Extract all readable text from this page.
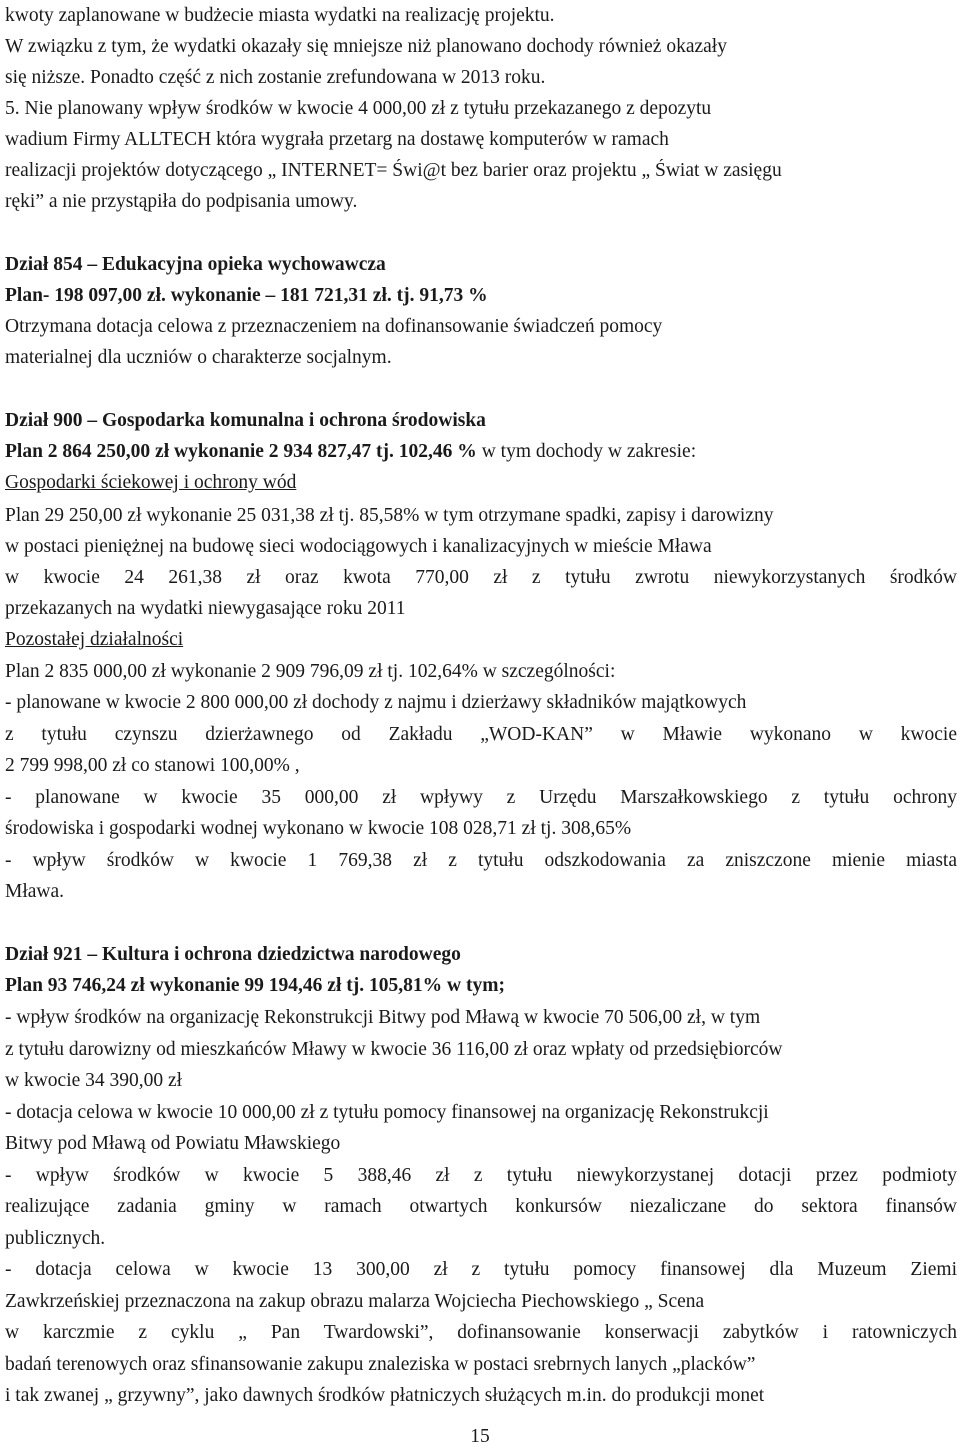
kwoty zaplanowane w budżecie miasta wydatki na realizację projektu.
W związku z tym, że wydatki okazały się mniejsze niż planowano dochody również okazały
się niższe. Ponadto część z nich zostanie zrefundowana w 2013 roku.
5. Nie planowany wpływ środków w kwocie 4 000,00 zł z tytułu przekazanego z depozytu
wadium Firmy ALLTECH która wygrała przetarg na dostawę komputerów w ramach
realizacji projektów dotyczącego „ INTERNET= Świ@t bez barier oraz projektu „ Świat w zasięgu
ręki” a nie przystąpiła do podpisania umowy.
Dział 854 – Edukacyjna opieka wychowawcza
Plan- 198 097,00 zł. wykonanie – 181 721,31 zł. tj. 91,73 %
Otrzymana dotacja celowa z przeznaczeniem na dofinansowanie świadczeń pomocy
materialnej dla uczniów o charakterze socjalnym.
Dział 900 – Gospodarka komunalna i ochrona środowiska
Gospodarki ściekowej i ochrony wód
Plan 29 250,00 zł wykonanie 25 031,38 zł tj. 85,58% w tym otrzymane spadki, zapisy i darowizny
w postaci pieniężnej na budowę sieci wodociągowych i kanalizacyjnych w mieście Mława
w kwocie 24 261,38 zł oraz kwota 770,00 zł z tytułu zwrotu niewykorzystanych środków
przekazanych na wydatki niewygasające roku 2011
Pozostałej działalności
Plan 2 835 000,00 zł wykonanie 2 909 796,09 zł tj. 102,64% w szczególności:
- planowane w kwocie 2 800 000,00 zł dochody z najmu i dzierżawy składników majątkowych
z tytułu czynszu dzierżawnego od Zakładu „WOD-KAN” w Mławie wykonano w kwocie
2 799 998,00 zł co stanowi 100,00% ,
- planowane w kwocie 35 000,00 zł wpływy z Urzędu Marszałkowskiego z tytułu ochrony
środowiska i gospodarki wodnej wykonano w kwocie 108 028,71 zł tj. 308,65%
- wpływ środków w kwocie 1 769,38 zł z tytułu odszkodowania za zniszczone mienie miasta
Mława.
Dział 921 – Kultura i ochrona dziedzictwa narodowego
- wpływ środków na organizację Rekonstrukcji Bitwy pod Mławą w kwocie 70 506,00 zł, w tym
z tytułu darowizny od mieszkańców Mławy w kwocie 36 116,00 zł oraz wpłaty od przedsiębiorców
w kwocie 34 390,00 zł
- dotacja celowa w kwocie 10 000,00 zł z tytułu pomocy finansowej na organizację Rekonstrukcji
Bitwy pod Mławą od Powiatu Mławskiego
- wpływ środków w kwocie 5 388,46 zł z tytułu niewykorzystanej dotacji przez podmioty
realizujące zadania gminy w ramach otwartych konkursów niezaliczane do sektora finansów
publicznych.
- dotacja celowa w kwocie 13 300,00 zł z tytułu pomocy finansowej dla Muzeum Ziemi
Zawkrzeńskiej przeznaczona na zakup obrazu malarza Wojciecha Piechowskiego „ Scena
w karczmie z cyklu „ Pan Twardowski”, dofinansowanie konserwacji zabytków i ratowniczych
badań terenowych oraz sfinansowanie zakupu znaleziska w postaci srebrnych lanych „placków”
i tak zwanej „ grzywny”, jako dawnych środków płatniczych służących m.in. do produkcji monet
Plan 2 864 250,00 zł wykonanie 2 934 827,47 tj. 102,46 % w tym dochody w zakresie:
Plan 93 746,24 zł wykonanie 99 194,46 zł tj. 105,81% w tym;
15
